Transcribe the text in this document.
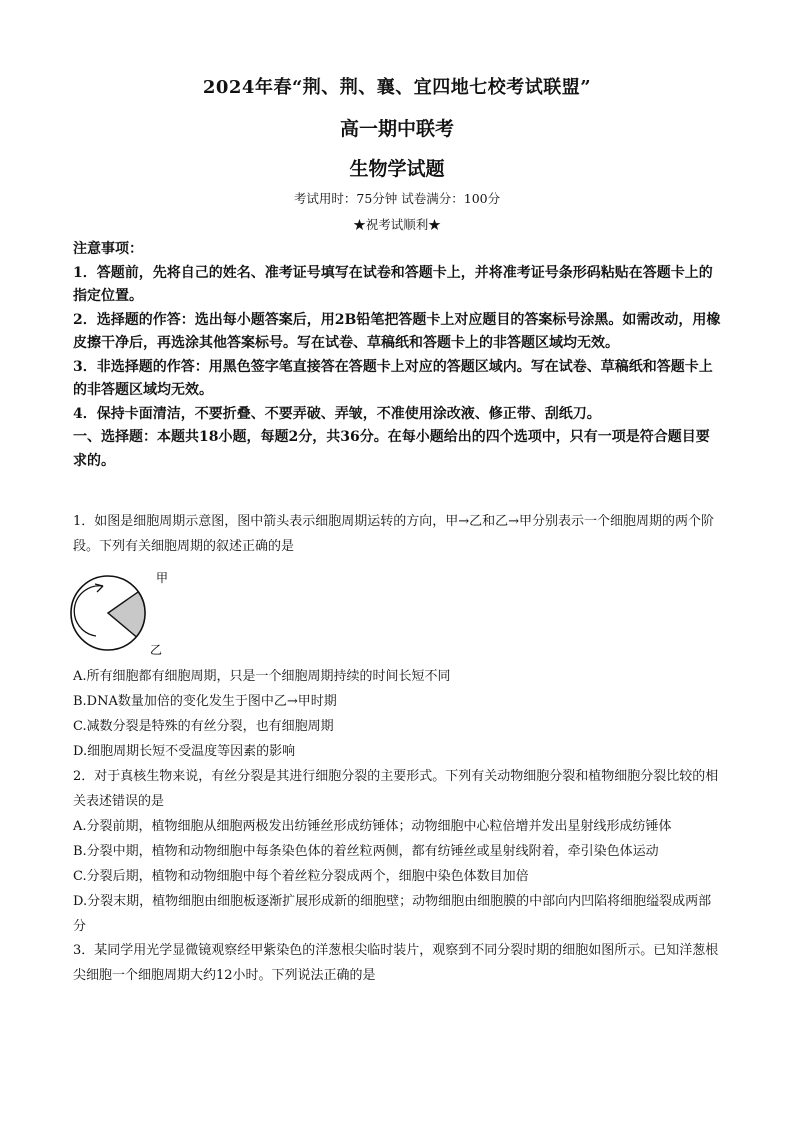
2024年春“荆、荆、襄、宜四地七校考试联盟”
高一期中联考
生物学试题
考试用时：75分钟 试卷满分：100分
★祝考试顺利★

注意事项：

1．答题前，先将自己的姓名、准考证号填写在试卷和答题卡上，并将准考证号条形码粘贴在答题卡上的指定位置。

2．选择题的作答：选出每小题答案后，用2B铅笔把答题卡上对应题目的答案标号涂黑。如需改动，用橡皮擦干净后，再选涂其他答案标号。写在试卷、草稿纸和答题卡上的非答题区域均无效。

3．非选择题的作答：用黑色签字笔直接答在答题卡上对应的答题区域内。写在试卷、草稿纸和答题卡上的非答题区域均无效。

4．保持卡面清洁，不要折叠、不要弄破、弄皱，不准使用涂改液、修正带、刮纸刀。

一、选择题：本题共18小题，每题2分，共36分。在每小题给出的四个选项中，只有一项是符合题目要求的。

1．如图是细胞周期示意图，图中箭头表示细胞周期运转的方向，甲→乙和乙→甲分别表示一个细胞周期的两个阶段。下列有关细胞周期的叙述正确的是

甲
乙

A.所有细胞都有细胞周期，只是一个细胞周期持续的时间长短不同

B.DNA数量加倍的变化发生于图中乙→甲时期

C.减数分裂是特殊的有丝分裂，也有细胞周期

D.细胞周期长短不受温度等因素的影响

2．对于真核生物来说，有丝分裂是其进行细胞分裂的主要形式。下列有关动物细胞分裂和植物细胞分裂比较的相关表述错误的是

A.分裂前期，植物细胞从细胞两极发出纺锤丝形成纺锤体；动物细胞中心粒倍增并发出星射线形成纺锤体

B.分裂中期，植物和动物细胞中每条染色体的着丝粒两侧，都有纺锤丝或星射线附着，牵引染色体运动

C.分裂后期，植物和动物细胞中每个着丝粒分裂成两个，细胞中染色体数目加倍

D.分裂末期，植物细胞由细胞板逐渐扩展形成新的细胞壁；动物细胞由细胞膜的中部向内凹陷将细胞缢裂成两部分

3．某同学用光学显微镜观察经甲紫染色的洋葱根尖临时装片，观察到不同分裂时期的细胞如图所示。已知洋葱根尖细胞一个细胞周期大约12小时。下列说法正确的是
